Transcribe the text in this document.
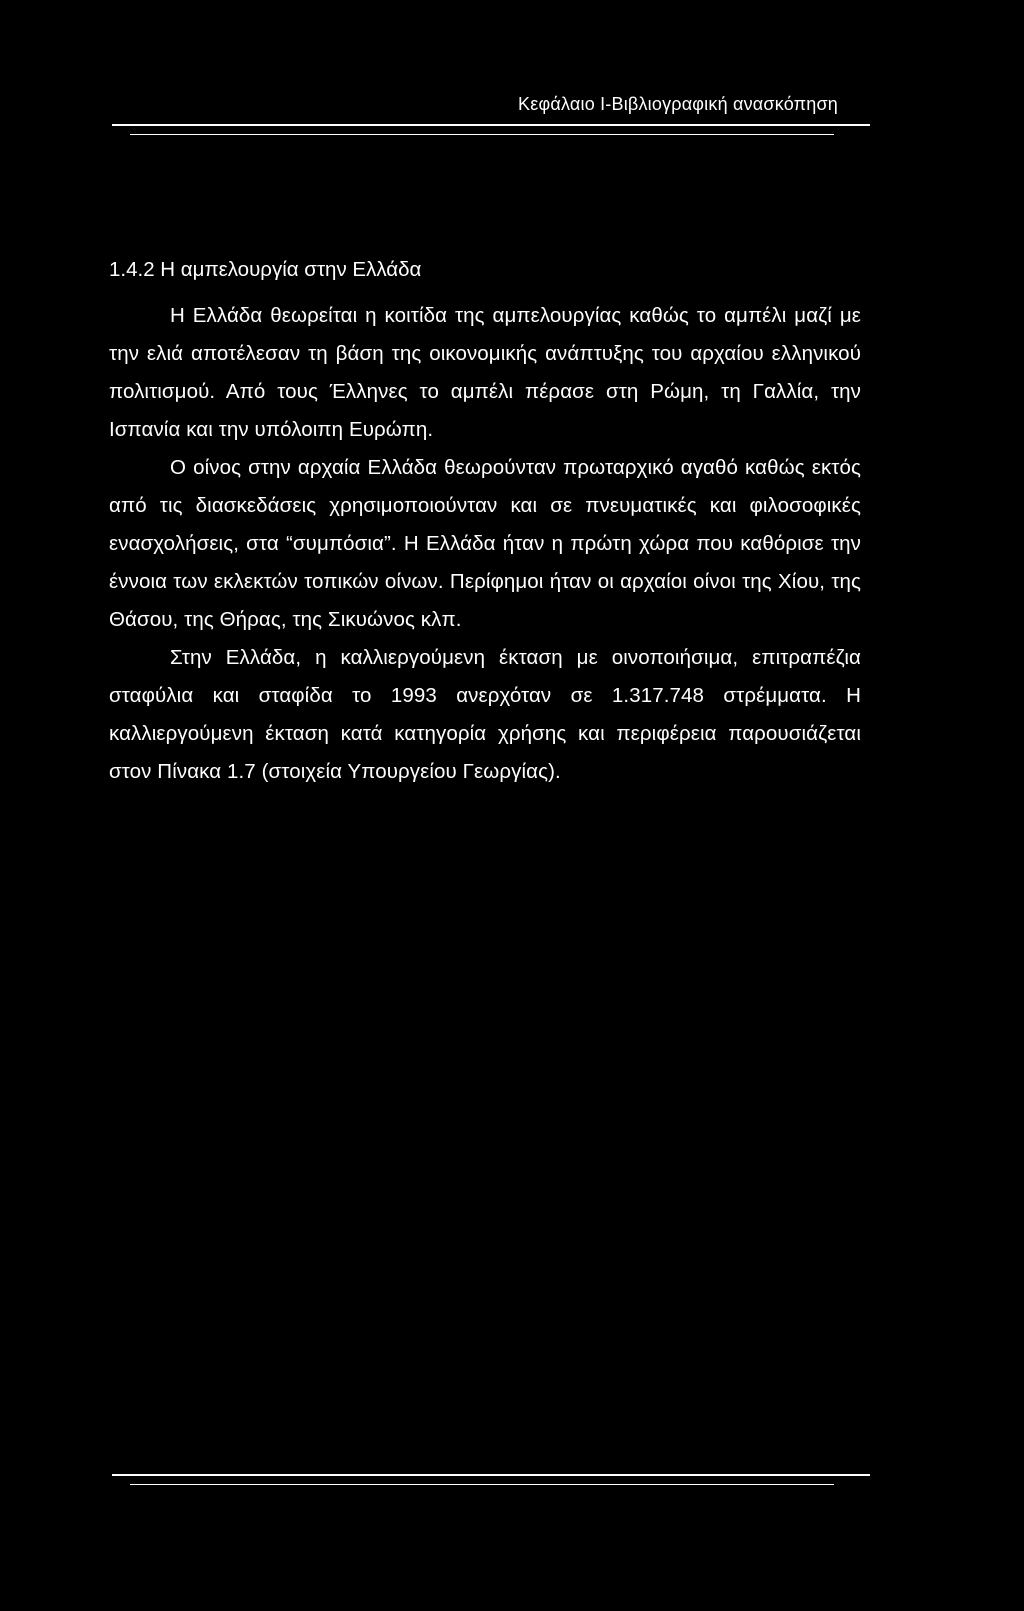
Κεφάλαιο Ι-Βιβλιογραφική ανασκόπηση
1.4.2 Η αμπελουργία στην Ελλάδα

Η Ελλάδα θεωρείται η κοιτίδα της αμπελουργίας καθώς το αμπέλι μαζί με την ελιά αποτέλεσαν τη βάση της οικονομικής ανάπτυξης του αρχαίου ελληνικού πολιτισμού. Από τους Έλληνες το αμπέλι πέρασε στη Ρώμη, τη Γαλλία, την Ισπανία και την υπόλοιπη Ευρώπη.

Ο οίνος στην αρχαία Ελλάδα θεωρούνταν πρωταρχικό αγαθό καθώς εκτός από τις διασκεδάσεις χρησιμοποιούνταν και σε πνευματικές και φιλοσοφικές ενασχολήσεις, στα “συμπόσια”. Η Ελλάδα ήταν η πρώτη χώρα που καθόρισε την έννοια των εκλεκτών τοπικών οίνων. Περίφημοι ήταν οι αρχαίοι οίνοι της Χίου, της Θάσου, της Θήρας, της Σικυώνος κλπ.

Στην Ελλάδα, η καλλιεργούμενη έκταση με οινοποιήσιμα, επιτραπέζια σταφύλια και σταφίδα το 1993 ανερχόταν σε 1.317.748 στρέμματα. Η καλλιεργούμενη έκταση κατά κατηγορία χρήσης και περιφέρεια παρουσιάζεται στον Πίνακα 1.7 (στοιχεία Υπουργείου Γεωργίας).
